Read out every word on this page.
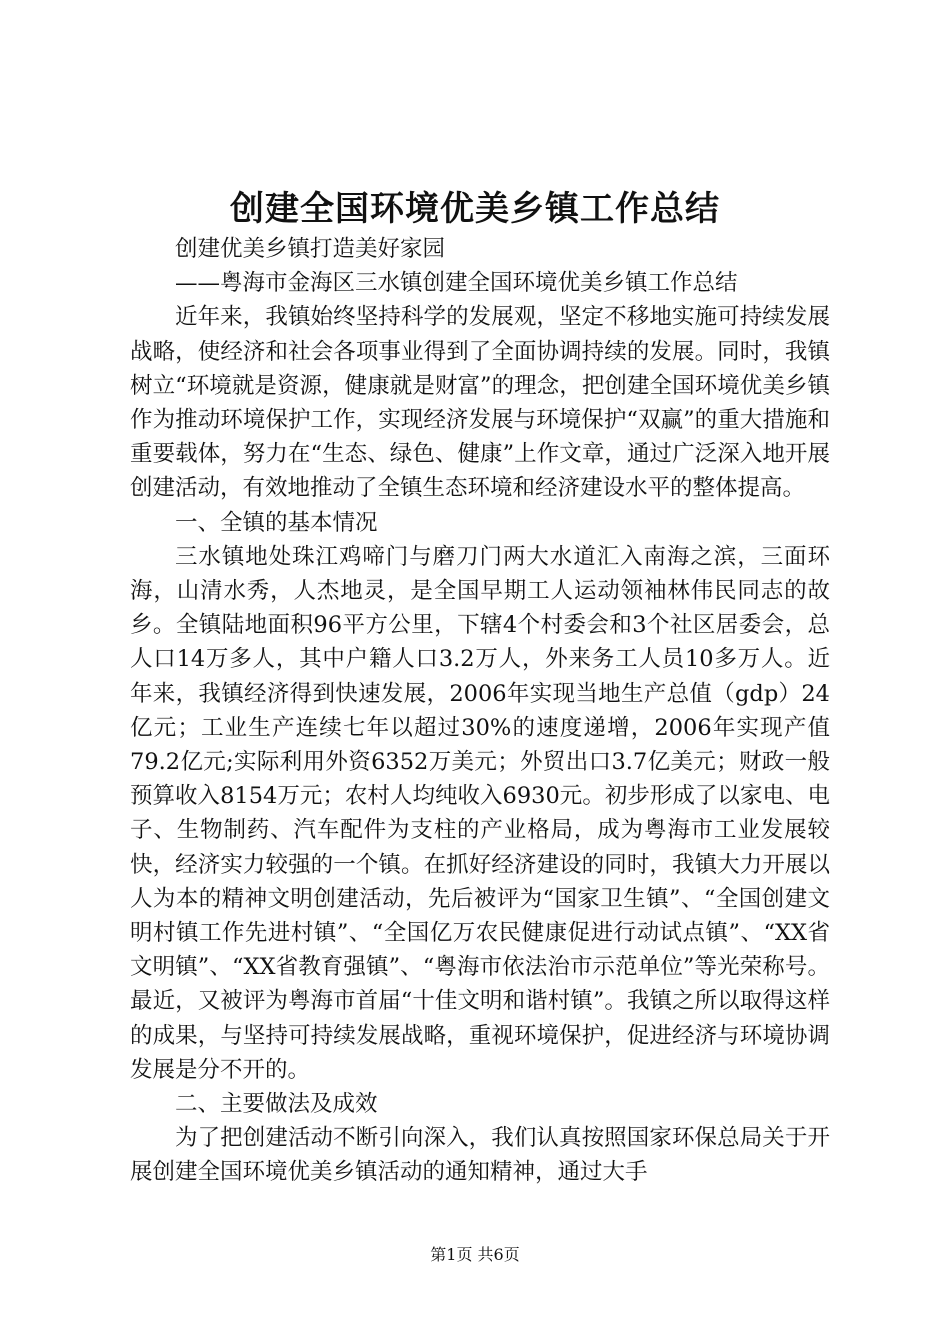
创建全国环境优美乡镇工作总结

创建优美乡镇打造美好家园

——粤海市金海区三水镇创建全国环境优美乡镇工作总结

近年来，我镇始终坚持科学的发展观，坚定不移地实施可持续发展战略，使经济和社会各项事业得到了全面协调持续的发展。同时，我镇树立“环境就是资源，健康就是财富”的理念，把创建全国环境优美乡镇作为推动环境保护工作，实现经济发展与环境保护“双赢”的重大措施和重要载体，努力在“生态、绿色、健康”上作文章，通过广泛深入地开展创建活动，有效地推动了全镇生态环境和经济建设水平的整体提高。

一、全镇的基本情况

三水镇地处珠江鸡啼门与磨刀门两大水道汇入南海之滨，三面环海，山清水秀，人杰地灵，是全国早期工人运动领袖林伟民同志的故乡。全镇陆地面积96平方公里，下辖4个村委会和3个社区居委会，总人口14万多人，其中户籍人口3.2万人，外来务工人员10多万人。近年来，我镇经济得到快速发展，2006年实现当地生产总值（gdp）24亿元；工业生产连续七年以超过30%的速度递增，2006年实现产值79.2亿元;实际利用外资6352万美元；外贸出口3.7亿美元；财政一般预算收入8154万元；农村人均纯收入6930元。初步形成了以家电、电子、生物制药、汽车配件为支柱的产业格局，成为粤海市工业发展较快，经济实力较强的一个镇。在抓好经济建设的同时，我镇大力开展以人为本的精神文明创建活动，先后被评为“国家卫生镇”、“全国创建文明村镇工作先进村镇”、“全国亿万农民健康促进行动试点镇”、“XX省文明镇”、“XX省教育强镇”、“粤海市依法治市示范单位”等光荣称号。最近，又被评为粤海市首届“十佳文明和谐村镇”。我镇之所以取得这样的成果，与坚持可持续发展战略，重视环境保护，促进经济与环境协调发展是分不开的。

二、主要做法及成效

为了把创建活动不断引向深入，我们认真按照国家环保总局关于开展创建全国环境优美乡镇活动的通知精神，通过大手

第1页 共6页
